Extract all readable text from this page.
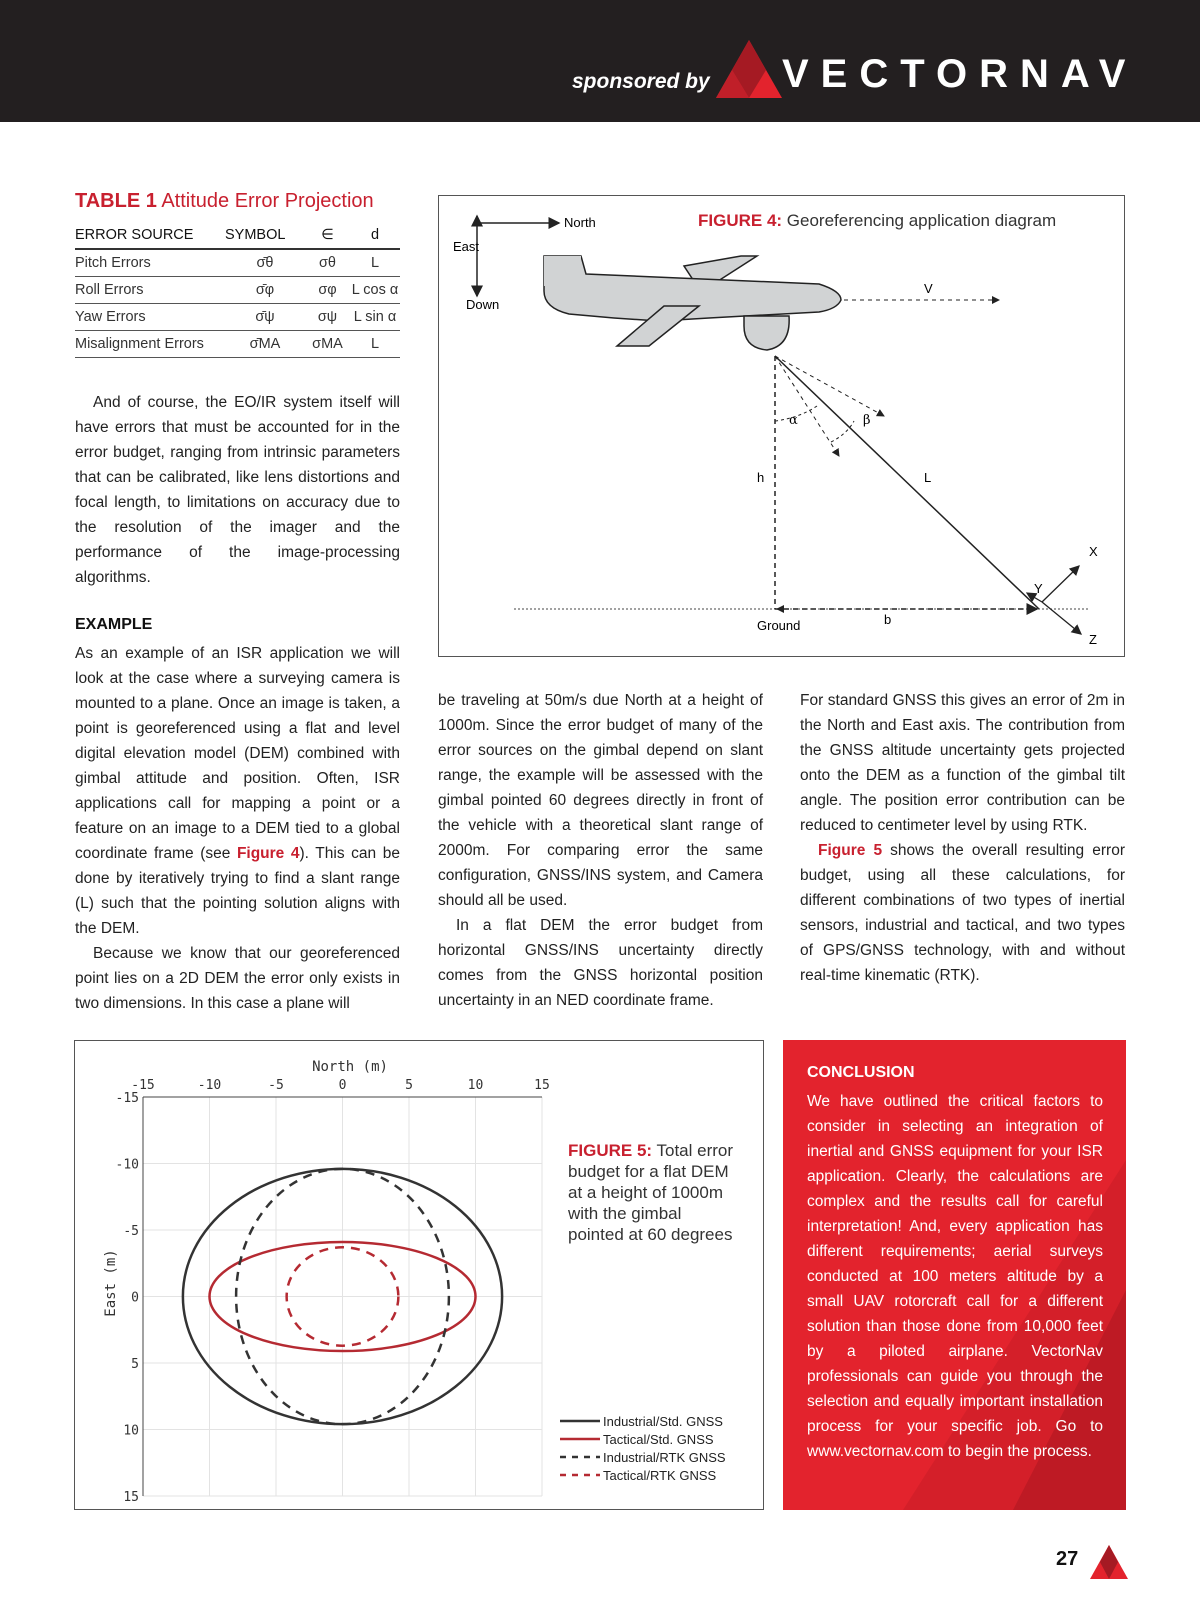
sponsored by VECTORNAV
TABLE 1 Attitude Error Projection
ERROR SOURCE	SYMBOL	∈	d
Pitch Errors	σ̄θ	σθ	L
Roll Errors	σ̄φ	σφ	L cos α
Yaw Errors	σ̄ψ	σψ	L sin α
Misalignment Errors	σ̄MA	σMA	L

And of course, the EO/IR system itself will have errors that must be accounted for in the error budget, ranging from intrinsic parameters that can be calibrated, like lens distortions and focal length, to limitations on accuracy due to the resolution of the imager and the performance of the image-processing algorithms.

EXAMPLE

As an example of an ISR application we will look at the case where a surveying camera is mounted to a plane. Once an image is taken, a point is georeferenced using a flat and level digital elevation model (DEM) combined with gimbal attitude and position. Often, ISR applications call for mapping a point or a feature on an image to a DEM tied to a global coordinate frame (see Figure 4). This can be done by iteratively trying to find a slant range (L) such that the pointing solution aligns with the DEM.

Because we know that our georeferenced point lies on a 2D DEM the error only exists in two dimensions. In this case a plane will

be traveling at 50m/s due North at a height of 1000m. Since the error budget of many of the error sources on the gimbal depend on slant range, the example will be assessed with the gimbal pointed 60 degrees directly in front of the vehicle with a theoretical slant range of 2000m. For comparing error the same configuration, GNSS/INS system, and Camera should all be used.

In a flat DEM the error budget from horizontal GNSS/INS uncertainty directly comes from the GNSS horizontal position uncertainty in an NED coordinate frame.

For standard GNSS this gives an error of 2m in the North and East axis. The contribution from the GNSS altitude uncertainty gets projected onto the DEM as a function of the gimbal tilt angle. The position error contribution can be reduced to centimeter level by using RTK.

Figure 5 shows the overall resulting error budget, using all these calculations, for different combinations of two types of inertial sensors, industrial and tactical, and two types of GPS/GNSS technology, with and without real-time kinematic (RTK).

North
East
Down
V
h	L
α	β
Ground	b
X
Y
Z
FIGURE 4: Georeferencing application diagram
-15	-10	-5	0	5	10	15
-15
-10
-5
0
5
10
15
North (m)
East (m)
Industrial/Std. GNSS
Tactical/Std. GNSS
Industrial/RTK GNSS
Tactical/RTK GNSS
FIGURE 5: Total error budget for a flat DEM at a height of 1000m with the gimbal pointed at 60 degrees
CONCLUSION
We have outlined the critical factors to consider in selecting an integration of inertial and GNSS equipment for your ISR application. Clearly, the calculations are complex and the results call for careful interpretation! And, every application has different requirements; aerial surveys conducted at 100 meters altitude by a small UAV rotorcraft call for a different solution than those done from 10,000 feet by a piloted airplane. VectorNav professionals can guide you through the selection and equally important installation process for your specific job. Go to www.vectornav.com to begin the process.
27
